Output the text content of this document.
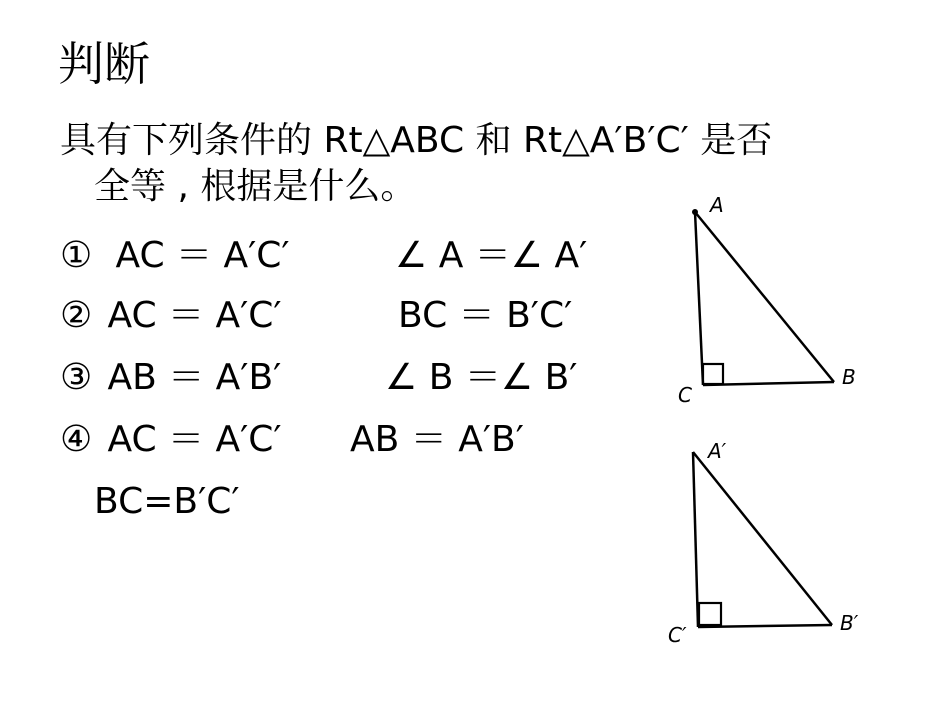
判断
具有下列条件的 Rt△ABC 和 Rt△A′B′C′ 是否
全等 , 根据是什么。
① AC ＝ A′C′	∠ A ＝∠ A′
② AC ＝ A′C′	BC ＝ B′C′
③ AB ＝ A′B′	∠ B ＝∠ B′
④ AC ＝ A′C′ AB ＝ A′B′
BC=B′C′
A
B
C
A′
B′
C′
